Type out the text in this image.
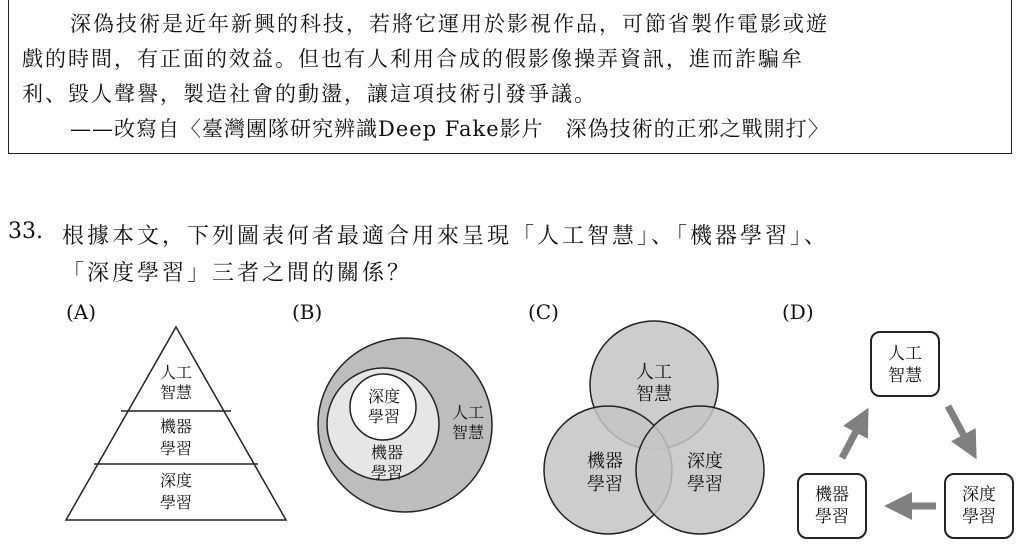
深偽技術是近年新興的科技，若將它運用於影視作品，可節省製作電影或遊
戲的時間，有正面的效益。但也有人利用合成的假影像操弄資訊，進而詐騙牟
利、毀人聲譽，製造社會的動盪，讓這項技術引發爭議。
——改寫自〈臺灣團隊研究辨識Deep Fake影片　深偽技術的正邪之戰開打〉
33. 根據本文，下列圖表何者最適合用來呈現「人工智慧」、「機器學習」、
「深度學習」三者之間的關係？
(A)	(B)	(C)	(D)
人工
智慧
機器
學習
深度
學習
深度
學習
機器
學習
人工
智慧
人工
智慧
機器
學習
深度
學習
人工
智慧
深度
學習
機器
學習
